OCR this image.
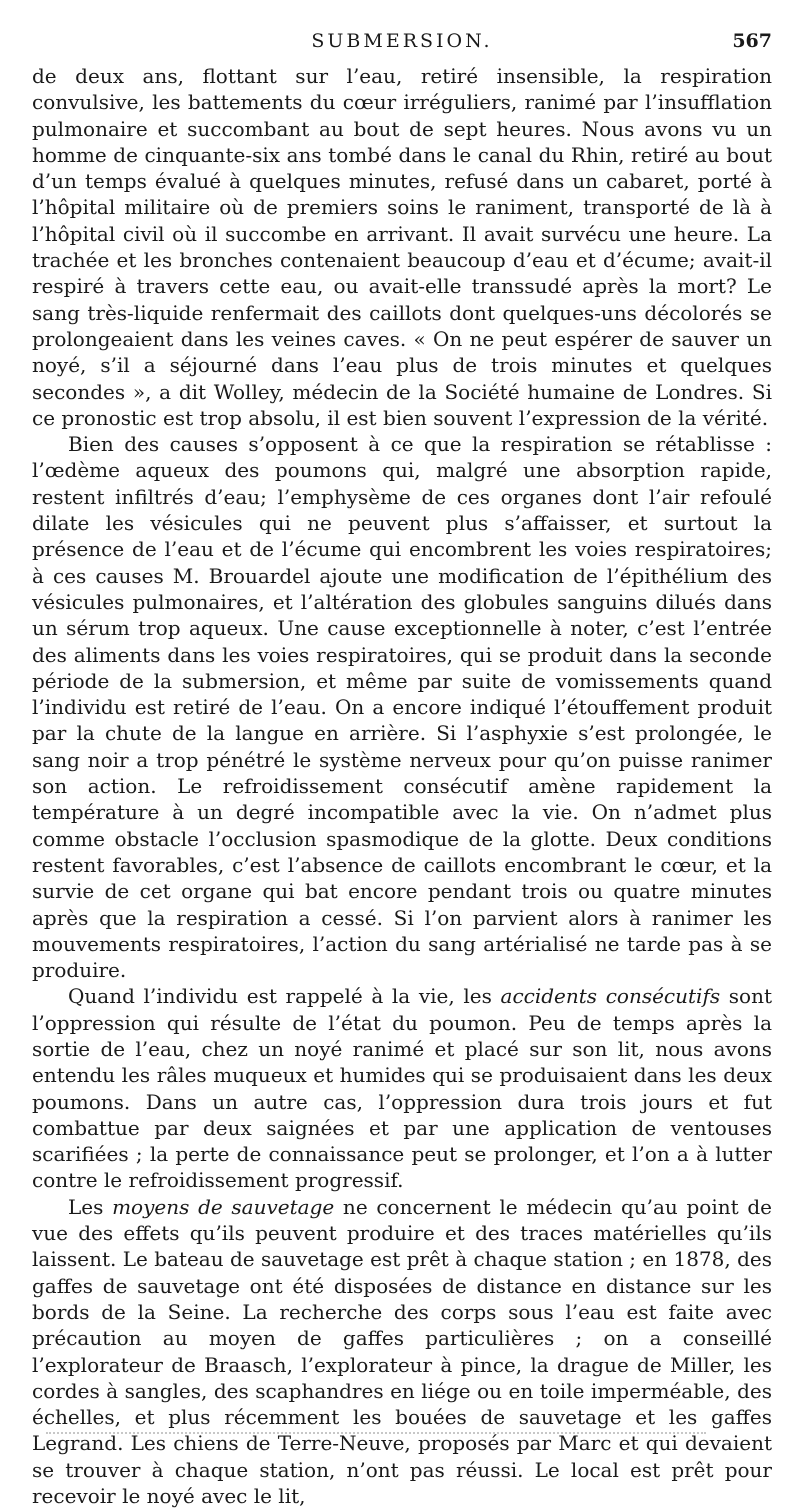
SUBMERSION.	567

de deux ans, flottant sur l’eau, retiré insensible, la respiration convulsive, les battements du cœur irréguliers, ranimé par l’insufflation pulmonaire et succombant au bout de sept heures. Nous avons vu un homme de cinquante-six ans tombé dans le canal du Rhin, retiré au bout d’un temps évalué à quelques minutes, refusé dans un cabaret, porté à l’hôpital militaire où de premiers soins le raniment, transporté de là à l’hôpital civil où il succombe en arrivant. Il avait survécu une heure. La trachée et les bronches contenaient beaucoup d’eau et d’écume; avait-il respiré à travers cette eau, ou avait-elle transsudé après la mort? Le sang très-liquide renfermait des caillots dont quelques-uns décolorés se prolongeaient dans les veines caves. « On ne peut espérer de sauver un noyé, s’il a séjourné dans l’eau plus de trois minutes et quelques secondes », a dit Wolley, médecin de la Société humaine de Londres. Si ce pronostic est trop absolu, il est bien souvent l’expression de la vérité.

Bien des causes s’opposent à ce que la respiration se rétablisse : l’œdème aqueux des poumons qui, malgré une absorption rapide, restent infiltrés d’eau; l’emphysème de ces organes dont l’air refoulé dilate les vésicules qui ne peuvent plus s’affaisser, et surtout la présence de l’eau et de l’écume qui encombrent les voies respiratoires; à ces causes M. Brouardel ajoute une modification de l’épithélium des vésicules pulmonaires, et l’altération des globules sanguins dilués dans un sérum trop aqueux. Une cause exceptionnelle à noter, c’est l’entrée des aliments dans les voies respiratoires, qui se produit dans la seconde période de la submersion, et même par suite de vomissements quand l’individu est retiré de l’eau. On a encore indiqué l’étouffement produit par la chute de la langue en arrière. Si l’asphyxie s’est prolongée, le sang noir a trop pénétré le système nerveux pour qu’on puisse ranimer son action. Le refroidissement consécutif amène rapidement la température à un degré incompatible avec la vie. On n’admet plus comme obstacle l’occlusion spasmodique de la glotte. Deux conditions restent favorables, c’est l’absence de caillots encombrant le cœur, et la survie de cet organe qui bat encore pendant trois ou quatre minutes après que la respiration a cessé. Si l’on parvient alors à ranimer les mouvements respiratoires, l’action du sang artérialisé ne tarde pas à se produire.

Quand l’individu est rappelé à la vie, les accidents consécutifs sont l’oppression qui résulte de l’état du poumon. Peu de temps après la sortie de l’eau, chez un noyé ranimé et placé sur son lit, nous avons entendu les râles muqueux et humides qui se produisaient dans les deux poumons. Dans un autre cas, l’oppression dura trois jours et fut combattue par deux saignées et par une application de ventouses scarifiées ; la perte de connaissance peut se prolonger, et l’on a à lutter contre le refroidissement progressif.

Les moyens de sauvetage ne concernent le médecin qu’au point de vue des effets qu’ils peuvent produire et des traces matérielles qu’ils laissent. Le bateau de sauvetage est prêt à chaque station ; en 1878, des gaffes de sauvetage ont été disposées de distance en distance sur les bords de la Seine. La recherche des corps sous l’eau est faite avec précaution au moyen de gaffes particulières ; on a conseillé l’explorateur de Braasch, l’explorateur à pince, la drague de Miller, les cordes à sangles, des scaphandres en liége ou en toile imperméable, des échelles, et plus récemment les bouées de sauvetage et les gaffes Legrand. Les chiens de Terre-Neuve, proposés par Marc et qui devaient se trouver à chaque station, n’ont pas réussi. Le local est prêt pour recevoir le noyé avec le lit,
